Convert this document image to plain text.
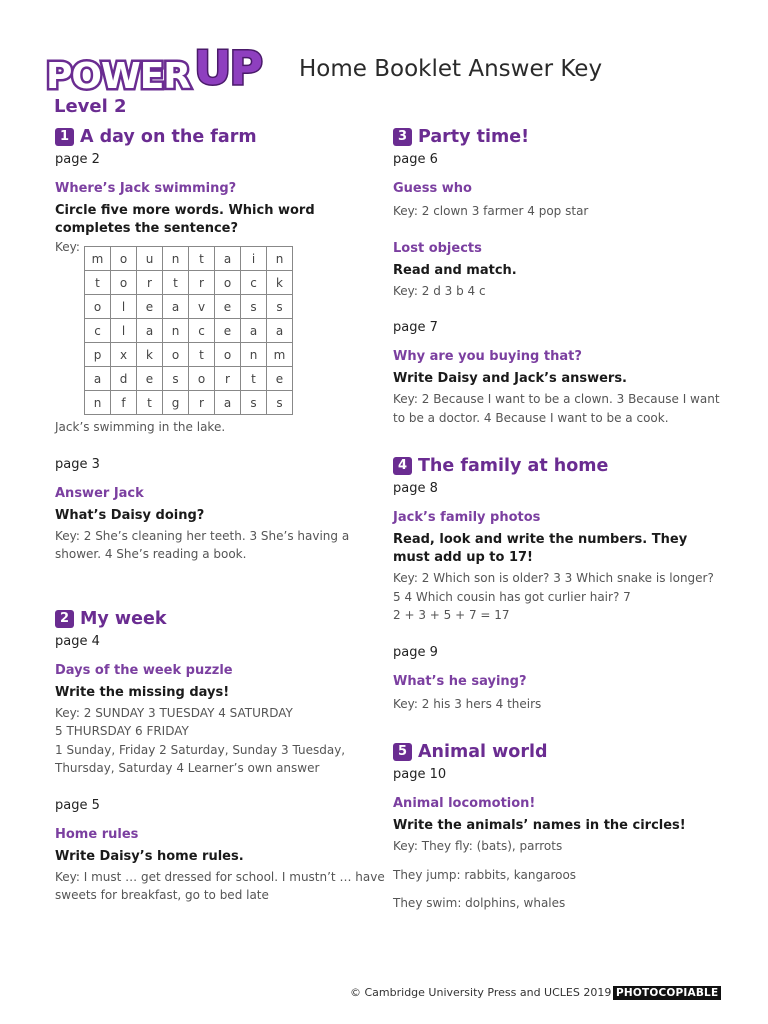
POWER UP
Level 2
Home Booklet Answer Key
1 A day on the farm
page 2
Where’s Jack swimming?
Circle five more words. Which word completes the sentence?
Key:
m	o	u	n	t	a	i	n
t	o	r	t	r	o	c	k
o	l	e	a	v	e	s	s
c	l	a	n	c	e	a	a
p	x	k	o	t	o	n	m
a	d	e	s	o	r	t	e
n	f	t	g	r	a	s	s
Jack’s swimming in the lake.
page 3
Answer Jack
What’s Daisy doing?
Key: 2 She’s cleaning her teeth. 3 She’s having a shower. 4 She’s reading a book.
2 My week
page 4
Days of the week puzzle
Write the missing days!
Key: 2 SUNDAY 3 TUESDAY 4 SATURDAY
5 THURSDAY 6 FRIDAY
1 Sunday, Friday 2 Saturday, Sunday 3 Tuesday, Thursday, Saturday 4 Learner’s own answer
page 5
Home rules
Write Daisy’s home rules.
Key: I must … get dressed for school. I mustn’t … have sweets for breakfast, go to bed late
3 Party time!
page 6
Guess who
Key: 2 clown 3 farmer 4 pop star
Lost objects
Read and match.
Key: 2 d 3 b 4 c
page 7
Why are you buying that?
Write Daisy and Jack’s answers.
Key: 2 Because I want to be a clown. 3 Because I want to be a doctor. 4 Because I want to be a cook.
4 The family at home
page 8
Jack’s family photos
Read, look and write the numbers. They must add up to 17!
Key: 2 Which son is older? 3 3 Which snake is longer? 5 4 Which cousin has got curlier hair? 7
2 + 3 + 5 + 7 = 17
page 9
What’s he saying?
Key: 2 his 3 hers 4 theirs
5 Animal world
page 10
Animal locomotion!
Write the animals’ names in the circles!
Key: They fly: (bats), parrots
They jump: rabbits, kangaroos
They swim: dolphins, whales
© Cambridge University Press and UCLES 2019 PHOTOCOPIABLE
